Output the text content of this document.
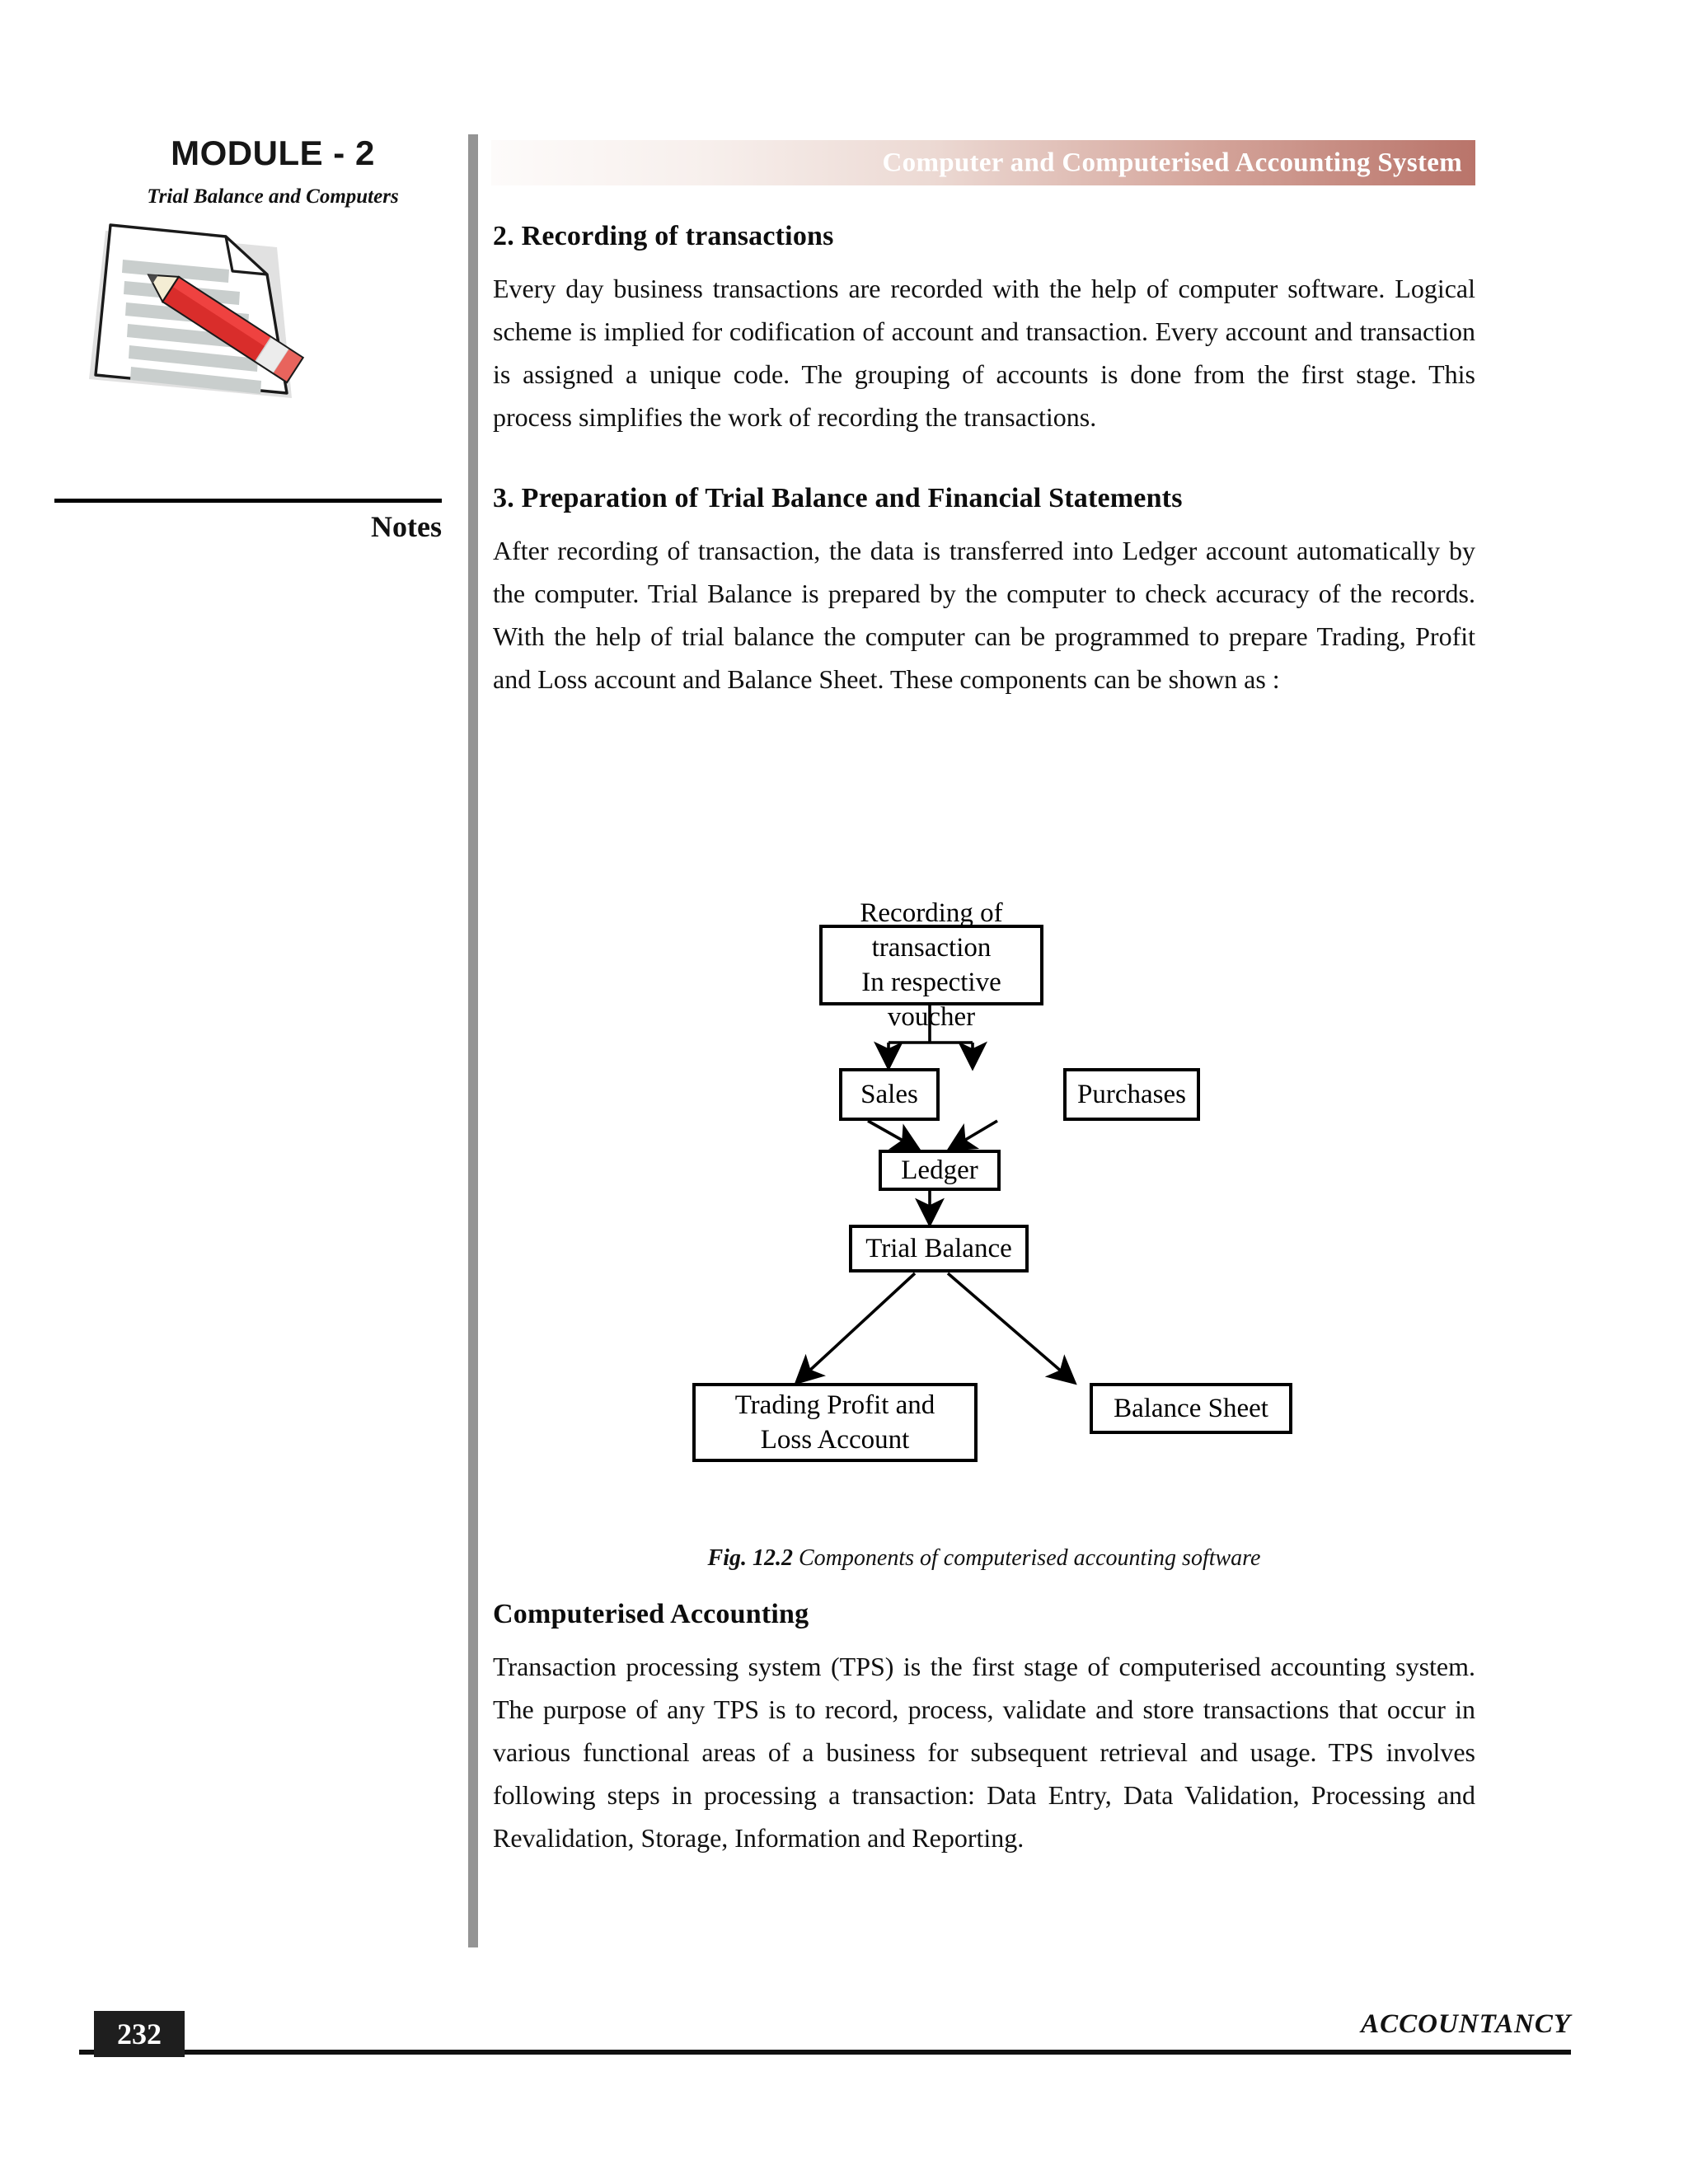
MODULE - 2
Trial Balance and Computers
Notes
Computer and Computerised Accounting System
2. Recording of transactions

Every day business transactions are recorded with the help of computer software. Logical scheme is implied for codification of account and transaction. Every account and transaction is assigned a unique code. The grouping of accounts is done from the first stage. This process simplifies the work of recording the transactions.

3. Preparation of Trial Balance and Financial Statements

After recording of transaction, the data is transferred into Ledger account automatically by the computer. Trial Balance is prepared by the computer to check accuracy of the records. With the help of trial balance the computer can be programmed to prepare Trading, Profit and Loss account and Balance Sheet. These components can be shown as :

Recording of transaction
In respective voucher
Sales	Purchases
Ledger
Trial Balance
Trading Profit and
Loss Account
Balance Sheet
Fig. 12.2 Components of computerised accounting software
Computerised Accounting

Transaction processing system (TPS) is the first stage of computerised accounting system. The purpose of any TPS is to record, process, validate and store transactions that occur in various functional areas of a business for subsequent retrieval and usage. TPS involves following steps in processing a transaction: Data Entry, Data Validation, Processing and Revalidation, Storage, Information and Reporting.

232	ACCOUNTANCY
